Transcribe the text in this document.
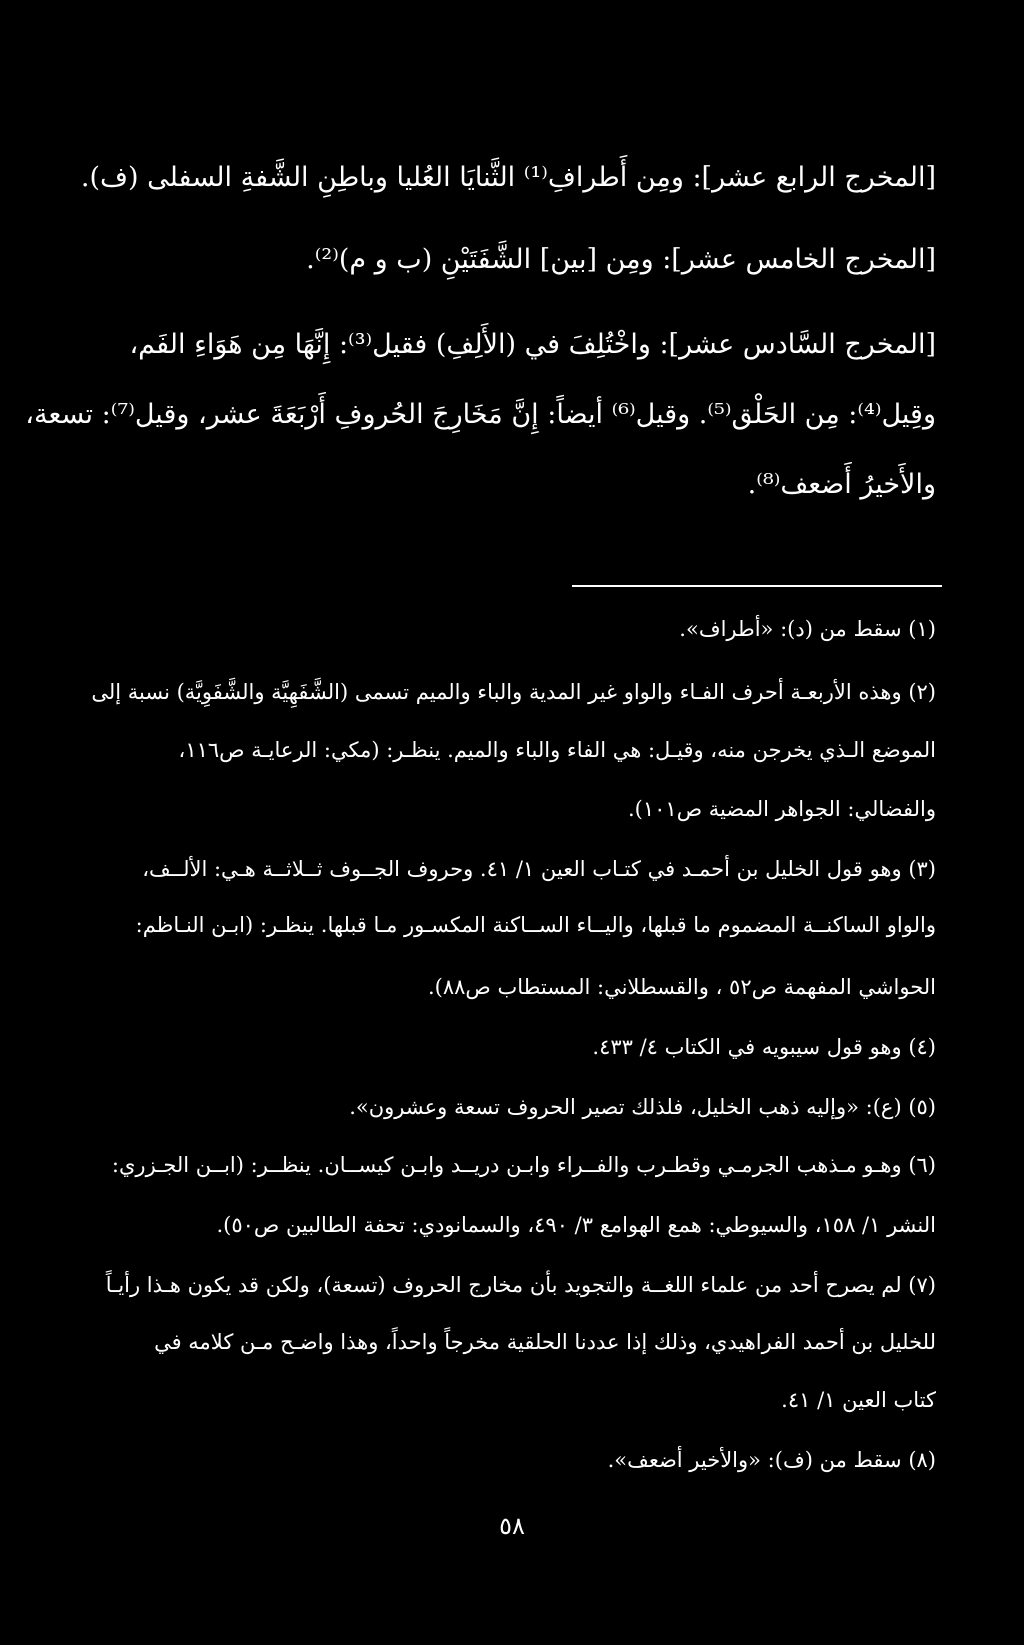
[المخرج الرابع عشر]: ومِن أَطرافِ⁽¹⁾ الثَّنايَا العُليا وباطِنِ الشَّفةِ السفلى (ف).
[المخرج الخامس عشر]: ومِن [بين] الشَّفَتَيْنِ (ب و م)⁽²⁾.
[المخرج السَّادس عشر]: واخْتُلِفَ في (الأَلِفِ) فقيل⁽³⁾: إِنَّهَا مِن هَوَاءِ الفَم،
وقِيل⁽⁴⁾: مِن الحَلْق⁽⁵⁾. وقيل⁽⁶⁾ أيضاً: إِنَّ مَخَارِجَ الحُروفِ أَرْبَعَةَ عشر، وقيل⁽⁷⁾: تسعة،
والأَخيرُ أَضعف⁽⁸⁾.
(١) سقط من (د): «أطراف».
(٢) وهذه الأربعـة أحرف الفـاء والواو غير المدية والباء والميم تسمى (الشَّفَهِيَّة والشَّفَوِيَّة) نسبة إلى
الموضع الـذي يخرجن منه، وقيـل: هي الفاء والباء والميم. ينظـر: (مكي: الرعايـة ص١١٦،
والفضالي: الجواهر المضية ص١٠١).
(٣) وهو قول الخليل بن أحمـد في كتـاب العين ١/ ٤١. وحروف الجــوف ثــلاثــة هـي: الألــف،
والواو الساكنــة المضموم ما قبلها، واليــاء الســاكنة المكسـور مـا قبلها. ينظـر: (ابـن النـاظم:
الحواشي المفهمة ص٥٢ ، والقسطلاني: المستطاب ص٨٨).
(٤) وهو قول سيبويه في الكتاب ٤/ ٤٣٣.
(٥) (ع): «وإليه ذهب الخليل، فلذلك تصير الحروف تسعة وعشرون».
(٦) وهـو مـذهب الجرمـي وقطـرب والفــراء وابـن دريــد وابـن كيســان. ينظــر: (ابــن الجـزري:
النشر ١/ ١٥٨، والسيوطي: همع الهوامع ٣/ ٤٩٠، والسمانودي: تحفة الطالبين ص٥٠).
(٧) لم يصرح أحد من علماء اللغــة والتجويد بأن مخارج الحروف (تسعة)، ولكن قد يكون هـذا رأيـاً
للخليل بن أحمد الفراهيدي، وذلك إذا عددنا الحلقية مخرجاً واحداً، وهذا واضـح مـن كلامه في
كتاب العين ١/ ٤١.
(٨) سقط من (ف): «والأخير أضعف».
٥٨
